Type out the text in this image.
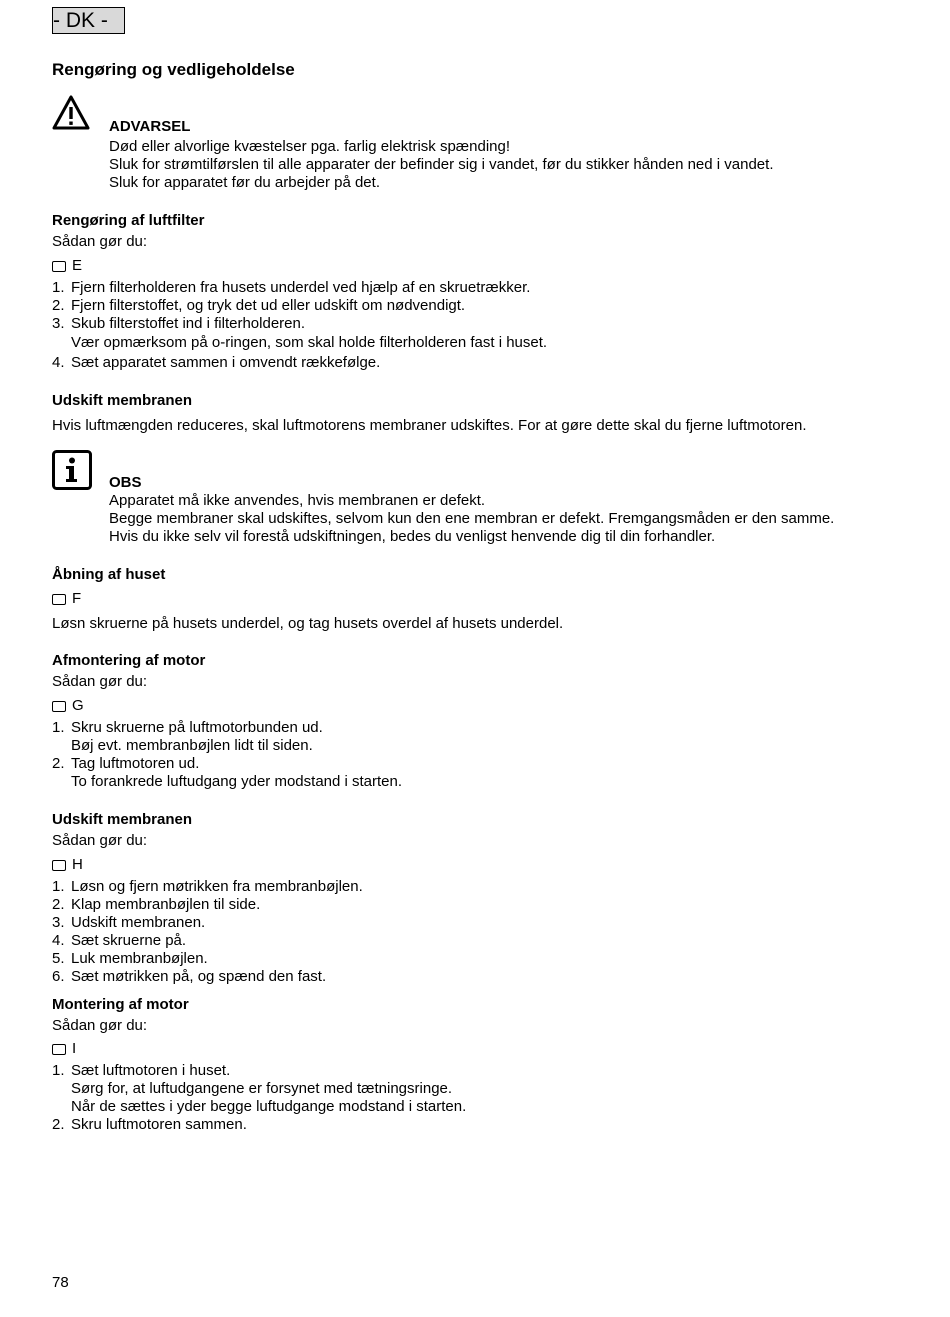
- DK -
Rengøring og vedligeholdelse
ADVARSEL
Død eller alvorlige kvæstelser pga. farlig elektrisk spænding!
Sluk for strømtilførslen til alle apparater der befinder sig i vandet, før du stikker hånden ned i vandet.
Sluk for apparatet før du arbejder på det.
Rengøring af luftfilter
Sådan gør du:
E
1. Fjern filterholderen fra husets underdel ved hjælp af en skruetrækker.
2. Fjern filterstoffet, og tryk det ud eller udskift om nødvendigt.
3. Skub filterstoffet ind i filterholderen.
Vær opmærksom på o-ringen, som skal holde filterholderen fast i huset.
4. Sæt apparatet sammen i omvendt rækkefølge.
Udskift membranen
Hvis luftmængden reduceres, skal luftmotorens membraner udskiftes. For at gøre dette skal du fjerne luftmotoren.
OBS
Apparatet må ikke anvendes, hvis membranen er defekt.
Begge membraner skal udskiftes, selvom kun den ene membran er defekt. Fremgangsmåden er den samme.
Hvis du ikke selv vil forestå udskiftningen, bedes du venligst henvende dig til din forhandler.
Åbning af huset
F
Løsn skruerne på husets underdel, og tag husets overdel af husets underdel.
Afmontering af motor
Sådan gør du:
G
1. Skru skruerne på luftmotorbunden ud.
Bøj evt. membranbøjlen lidt til siden.
2. Tag luftmotoren ud.
To forankrede luftudgang yder modstand i starten.
Udskift membranen
Sådan gør du:
H
1. Løsn og fjern møtrikken fra membranbøjlen.
2. Klap membranbøjlen til side.
3. Udskift membranen.
4. Sæt skruerne på.
5. Luk membranbøjlen.
6. Sæt møtrikken på, og spænd den fast.
Montering af motor
Sådan gør du:
I
1. Sæt luftmotoren i huset.
Sørg for, at luftudgangene er forsynet med tætningsringe.
Når de sættes i yder begge luftudgange modstand i starten.
2. Skru luftmotoren sammen.
78
